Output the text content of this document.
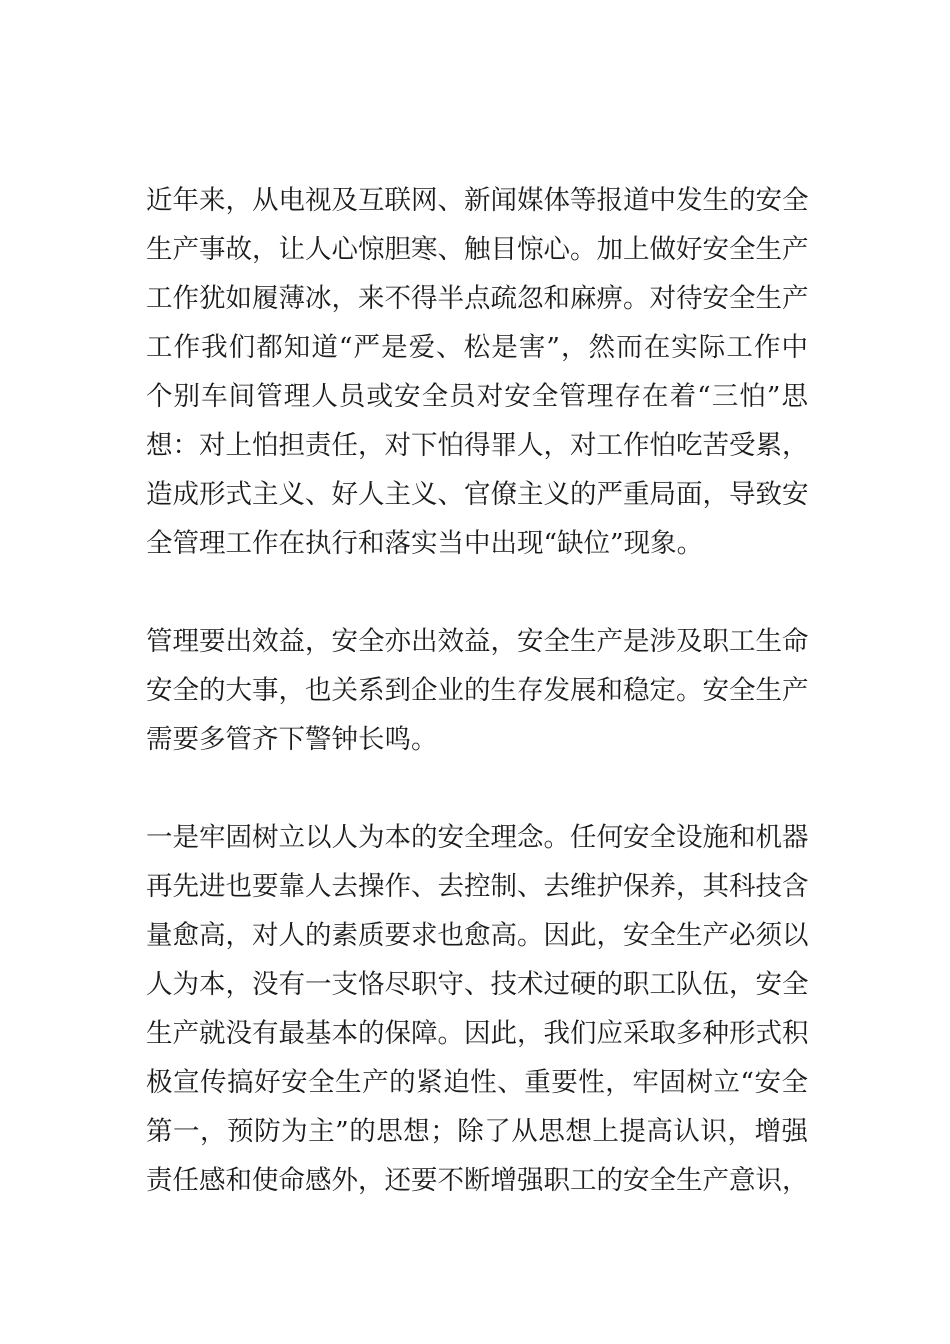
近年来，从电视及互联网、新闻媒体等报道中发生的安全
生产事故，让人心惊胆寒、触目惊心。加上做好安全生产
工作犹如履薄冰，来不得半点疏忽和麻痹。对待安全生产
工作我们都知道“严是爱、松是害”，然而在实际工作中
个别车间管理人员或安全员对安全管理存在着“三怕”思
想：对上怕担责任，对下怕得罪人，对工作怕吃苦受累，
造成形式主义、好人主义、官僚主义的严重局面，导致安
全管理工作在执行和落实当中出现“缺位”现象。
管理要出效益，安全亦出效益，安全生产是涉及职工生命
安全的大事，也关系到企业的生存发展和稳定。安全生产
需要多管齐下警钟长鸣。
一是牢固树立以人为本的安全理念。任何安全设施和机器
再先进也要靠人去操作、去控制、去维护保养，其科技含
量愈高，对人的素质要求也愈高。因此，安全生产必须以
人为本，没有一支恪尽职守、技术过硬的职工队伍，安全
生产就没有最基本的保障。因此，我们应采取多种形式积
极宣传搞好安全生产的紧迫性、重要性，牢固树立“安全
第一，预防为主”的思想；除了从思想上提高认识，增强
责任感和使命感外，还要不断增强职工的安全生产意识，
